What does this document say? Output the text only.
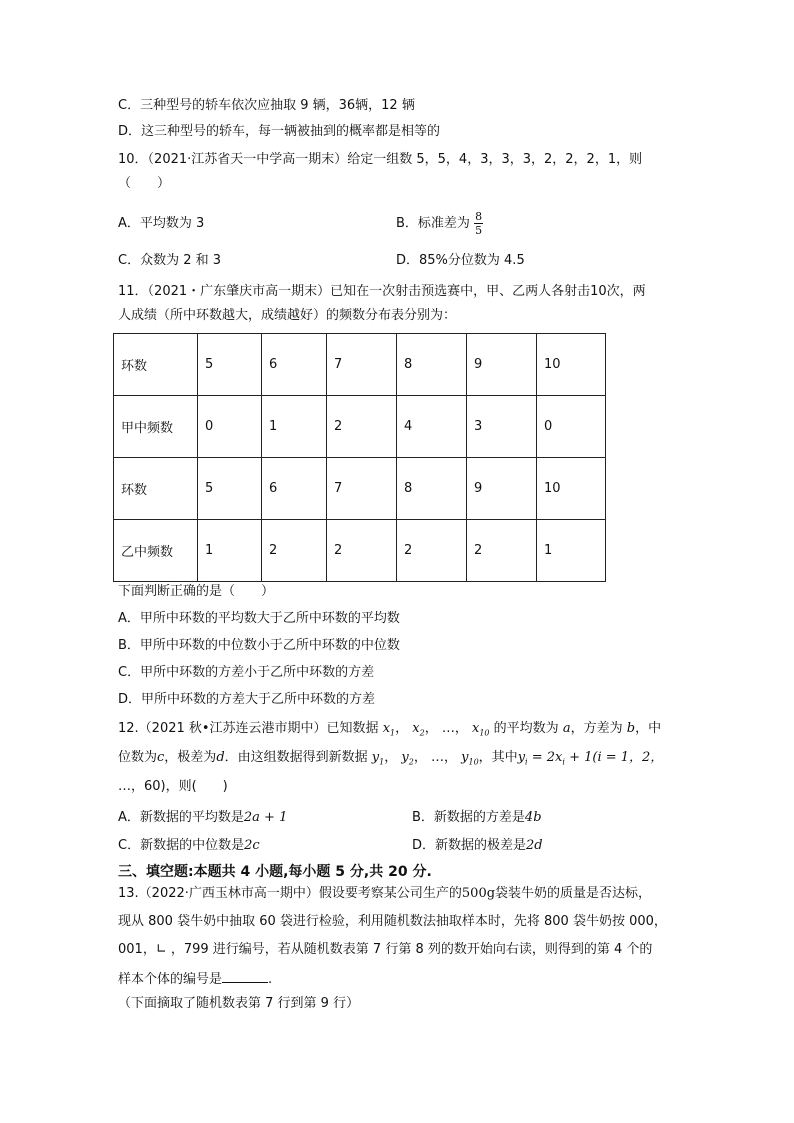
C．三种型号的轿车依次应抽取 9 辆，36辆，12 辆
D．这三种型号的轿车，每一辆被抽到的概率都是相等的
10．（2021·江苏省天一中学高一期末）给定一组数 5，5，4，3，3，3，2，2，2，1，则
（　　）
A．平均数为 3	B．标准差为 $\frac{8}{5}$
C．众数为 2 和 3	D．85%分位数为 4.5
11．（2021・广东肇庆市高一期末）已知在一次射击预选赛中，甲、乙两人各射击10次，两
人成绩（所中环数越大，成绩越好）的频数分布表分别为：
环数	5	6	7	8	9	10
甲中频数	0	1	2	4	3	0
环数	5	6	7	8	9	10
乙中频数	1	2	2	2	2	1
下面判断正确的是（　　）
A．甲所中环数的平均数大于乙所中环数的平均数
B．甲所中环数的中位数小于乙所中环数的中位数
C．甲所中环数的方差小于乙所中环数的方差
D．甲所中环数的方差大于乙所中环数的方差
12.（2021 秋•江苏连云港市期中）已知数据 $x_1$， $x_2$， …， $x_{10}$ 的平均数为 a，方差为 b，中
位数为c，极差为d．由这组数据得到新数据 $y_1$， $y_2$， …， $y_{10}$，其中$y_i = 2x_i + 1(i = 1$，2，
…，60)，则(　　)
A．新数据的平均数是2a + 1	B．新数据的方差是4b
C．新数据的中位数是2c	D．新数据的极差是2d
三、填空题:本题共 4 小题,每小题 5 分,共 20 分.
13.（2022·广西玉林市高一期中）假设要考察某公司生产的500g袋装牛奶的质量是否达标，
现从 800 袋牛奶中抽取 60 袋进行检验，利用随机数法抽取样本时，先将 800 袋牛奶按 000，
001，∟ ，799 进行编号，若从随机数表第 7 行第 8 列的数开始向右读，则得到的第 4 个的
样本个体的编号是	.
（下面摘取了随机数表第 7 行到第 9 行）
